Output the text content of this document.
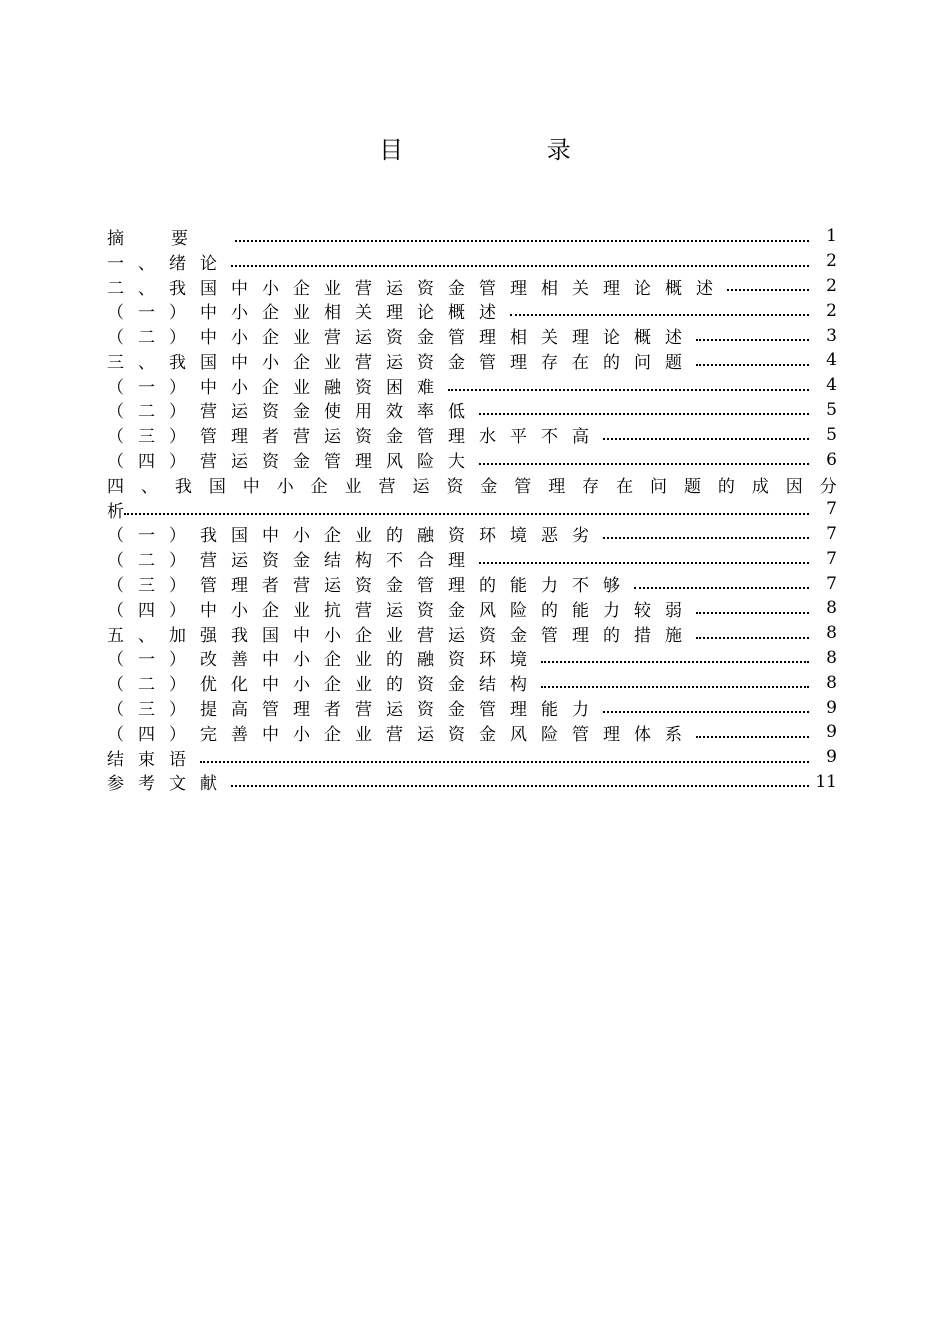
目 录
摘要	1
一、绪论	2
二、我国中小企业营运资金管理相关理论概述	2
（一）中小企业相关理论概述	2
（二）中小企业营运资金管理相关理论概述	3
三、我国中小企业营运资金管理存在的问题	4
（一）中小企业融资困难	4
（二）营运资金使用效率低	5
（三）管理者营运资金管理水平不高	5
（四）营运资金管理风险大	6
四 、 我 国 中 小 企 业 营 运 资 金 管 理 存 在 问 题 的 成 因 分
析	7
（一）我国中小企业的融资环境恶劣	7
（二）营运资金结构不合理	7
（三）管理者营运资金管理的能力不够	7
（四）中小企业抗营运资金风险的能力较弱	8
五、加强我国中小企业营运资金管理的措施	8
（一）改善中小企业的融资环境	8
（二）优化中小企业的资金结构	8
（三）提高管理者营运资金管理能力	9
（四）完善中小企业营运资金风险管理体系	9
结束语	9
参考文献	11
